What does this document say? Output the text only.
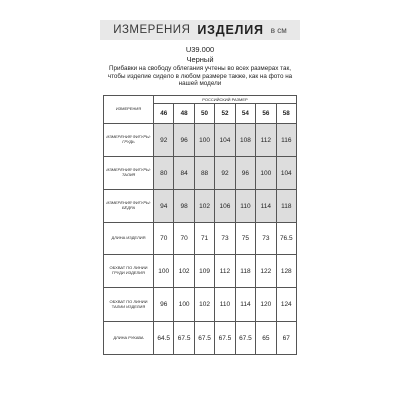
ИЗМЕРЕНИЯ ИЗДЕЛИЯ в см
U39.000
Черный
Прибавки на свободу облегания учтены во всех размерах так, чтобы изделие сидело в любом размере также, как на фото на нашей модели
ИЗМЕРЕНИЯ	РОССИЙСКИЙ РАЗМЕР						
	46	48	50	52	54	56	58
ИЗМЕРЕНИЯ ФИГУРЫ: ГРУДЬ	92	96	100	104	108	112	116
ИЗМЕРЕНИЯ ФИГУРЫ: ТАЛИЯ	80	84	88	92	96	100	104
ИЗМЕРЕНИЯ ФИГУРЫ: БЁДРА	94	98	102	106	110	114	118
ДЛИНА ИЗДЕЛИЯ	70	70	71	73	75	73	76.5
ОБХВАТ ПО ЛИНИИ ГРУДИ ИЗДЕЛИЯ	100	102	109	112	118	122	128
ОБХВАТ ПО ЛИНИИ ТАЛИИ ИЗДЕЛИЯ	96	100	102	110	114	120	124
ДЛИНА РУКАВА	64.5	67.5	67.5	67.5	67.5	65	67
